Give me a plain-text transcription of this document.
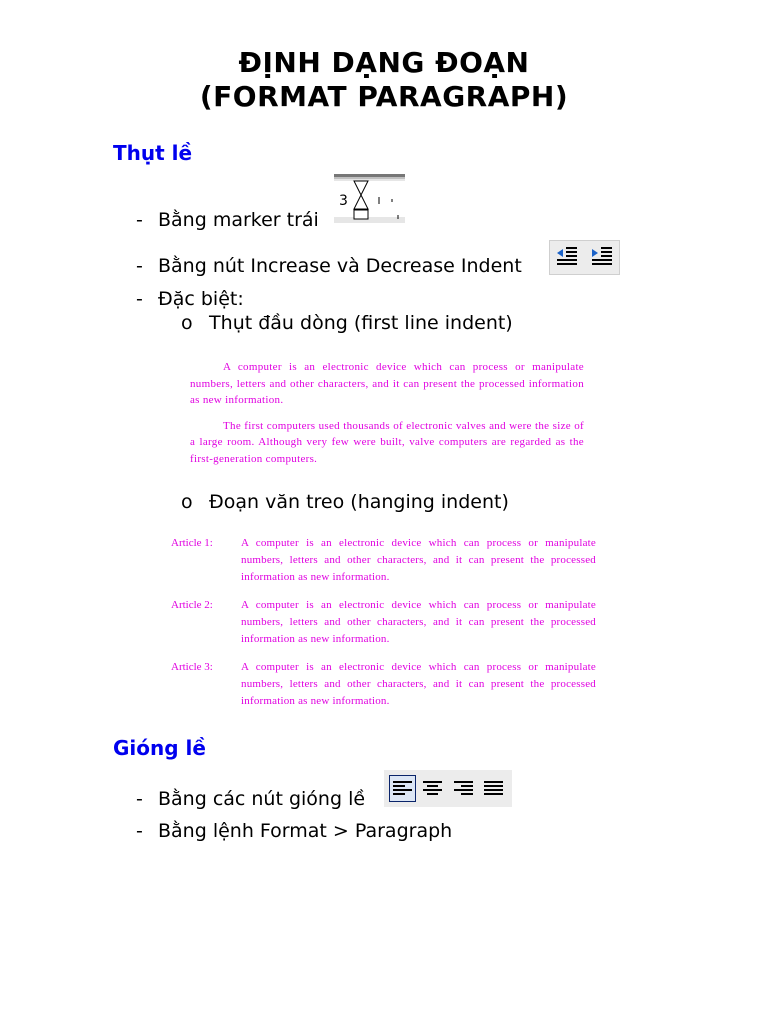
ĐỊNH DẠNG ĐOẠN
(FORMAT PARAGRAPH)
Thụt lề
- Bằng marker trái
3
- Bằng nút Increase và Decrease Indent
- Đặc biệt:
o Thụt đầu dòng (first line indent)

A computer is an electronic device which can process or manipulate numbers, letters and other characters, and it can present the processed information as new information.

The first computers used thousands of electronic valves and were the size of a large room. Although very few were built, valve computers are regarded as the first-generation computers.

o Đoạn văn treo (hanging indent)
Article 1:	A computer is an electronic device which can process or manipulate numbers, letters and other characters, and it can present the processed information as new information.
Article 2:	A computer is an electronic device which can process or manipulate numbers, letters and other characters, and it can present the processed information as new information.
Article 3:	A computer is an electronic device which can process or manipulate numbers, letters and other characters, and it can present the processed information as new information.
Gióng lề
- Bằng các nút gióng lề
- Bằng lệnh Format > Paragraph
